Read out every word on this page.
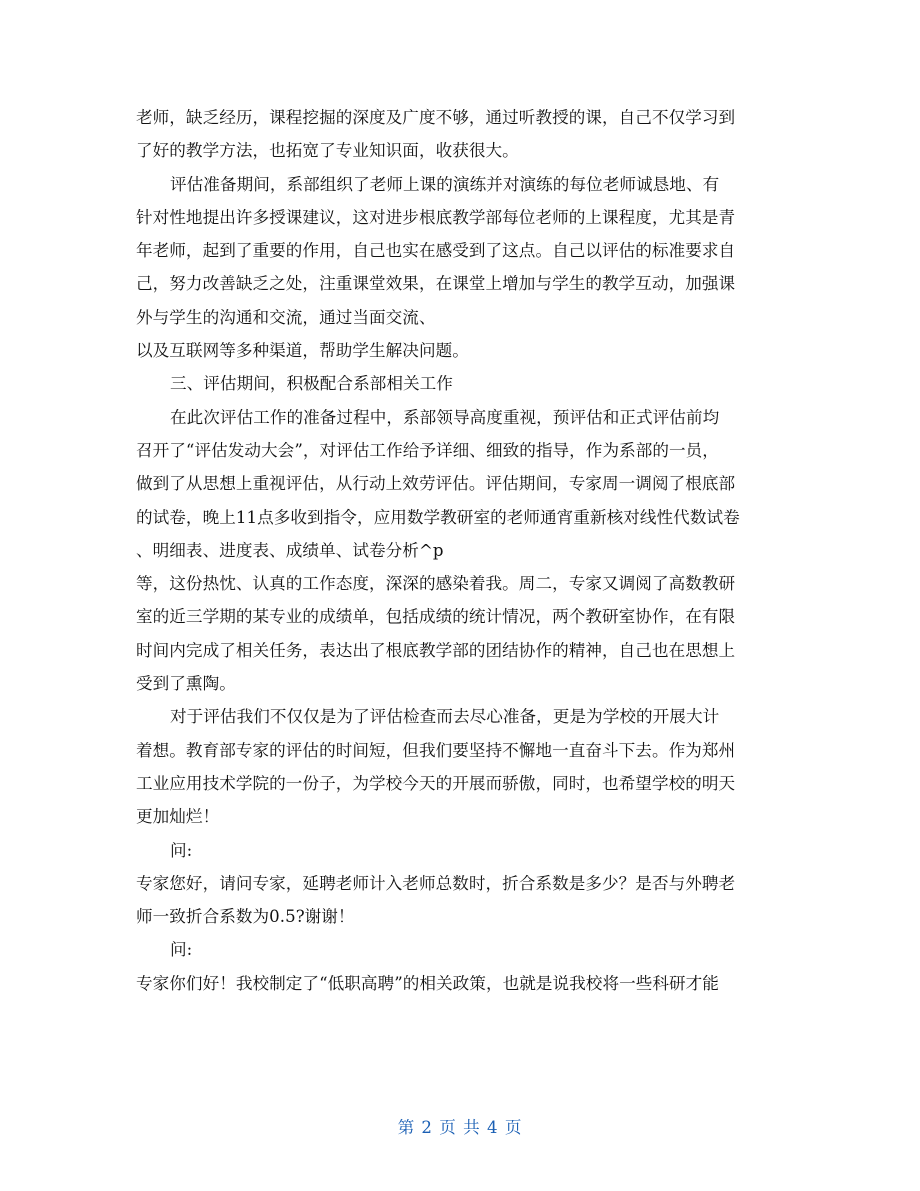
老师，缺乏经历，课程挖掘的深度及广度不够，通过听教授的课，自己不仅学习到
了好的教学方法，也拓宽了专业知识面，收获很大。
评估准备期间，系部组织了老师上课的演练并对演练的每位老师诚恳地、有
针对性地提出许多授课建议，这对进步根底教学部每位老师的上课程度，尤其是青
年老师，起到了重要的作用，自己也实在感受到了这点。自己以评估的标准要求自
己，努力改善缺乏之处，注重课堂效果，在课堂上增加与学生的教学互动，加强课
外与学生的沟通和交流，通过当面交流、
以及互联网等多种渠道，帮助学生解决问题。
三、评估期间，积极配合系部相关工作
在此次评估工作的准备过程中，系部领导高度重视，预评估和正式评估前均
召开了“评估发动大会”，对评估工作给予详细、细致的指导，作为系部的一员，
做到了从思想上重视评估，从行动上效劳评估。评估期间，专家周一调阅了根底部
的试卷，晚上11点多收到指令，应用数学教研室的老师通宵重新核对线性代数试卷
、明细表、进度表、成绩单、试卷分析^p
等，这份热忱、认真的工作态度，深深的感染着我。周二，专家又调阅了高数教研
室的近三学期的某专业的成绩单，包括成绩的统计情况，两个教研室协作，在有限
时间内完成了相关任务，表达出了根底教学部的团结协作的精神，自己也在思想上
受到了熏陶。
对于评估我们不仅仅是为了评估检查而去尽心准备，更是为学校的开展大计
着想。教育部专家的评估的时间短，但我们要坚持不懈地一直奋斗下去。作为郑州
工业应用技术学院的一份子，为学校今天的开展而骄傲，同时，也希望学校的明天
更加灿烂！
问:
专家您好，请问专家，延聘老师计入老师总数时，折合系数是多少？是否与外聘老
师一致折合系数为0.5?谢谢！
问:
专家你们好！我校制定了“低职高聘”的相关政策，也就是说我校将一些科研才能
第 2 页 共 4 页
